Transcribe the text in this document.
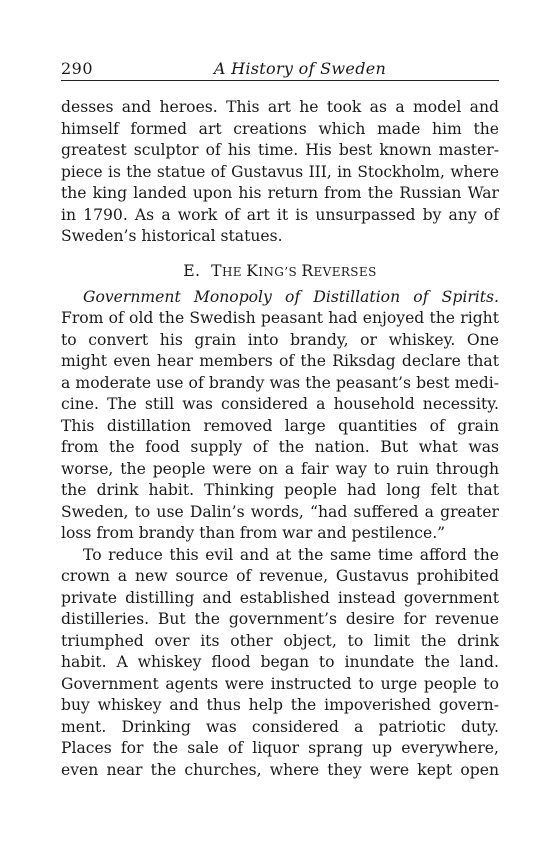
290	A History of Sweden
desses and heroes. This art he took as a model and
himself formed art creations which made him the
greatest sculptor of his time. His best known master-
piece is the statue of Gustavus III, in Stockholm, where
the king landed upon his return from the Russian War
in 1790. As a work of art it is unsurpassed by any of
Sweden’s historical statues.
E. THE KING’S REVERSES
Government Monopoly of Distillation of Spirits.
From of old the Swedish peasant had enjoyed the right
to convert his grain into brandy, or whiskey. One
might even hear members of the Riksdag declare that
a moderate use of brandy was the peasant’s best medi-
cine. The still was considered a household necessity.
This distillation removed large quantities of grain
from the food supply of the nation. But what was
worse, the people were on a fair way to ruin through
the drink habit. Thinking people had long felt that
Sweden, to use Dalin’s words, “had suffered a greater
loss from brandy than from war and pestilence.”
To reduce this evil and at the same time afford the
crown a new source of revenue, Gustavus prohibited
private distilling and established instead government
distilleries. But the government’s desire for revenue
triumphed over its other object, to limit the drink
habit. A whiskey flood began to inundate the land.
Government agents were instructed to urge people to
buy whiskey and thus help the impoverished govern-
ment. Drinking was considered a patriotic duty.
Places for the sale of liquor sprang up everywhere,
even near the churches, where they were kept open
